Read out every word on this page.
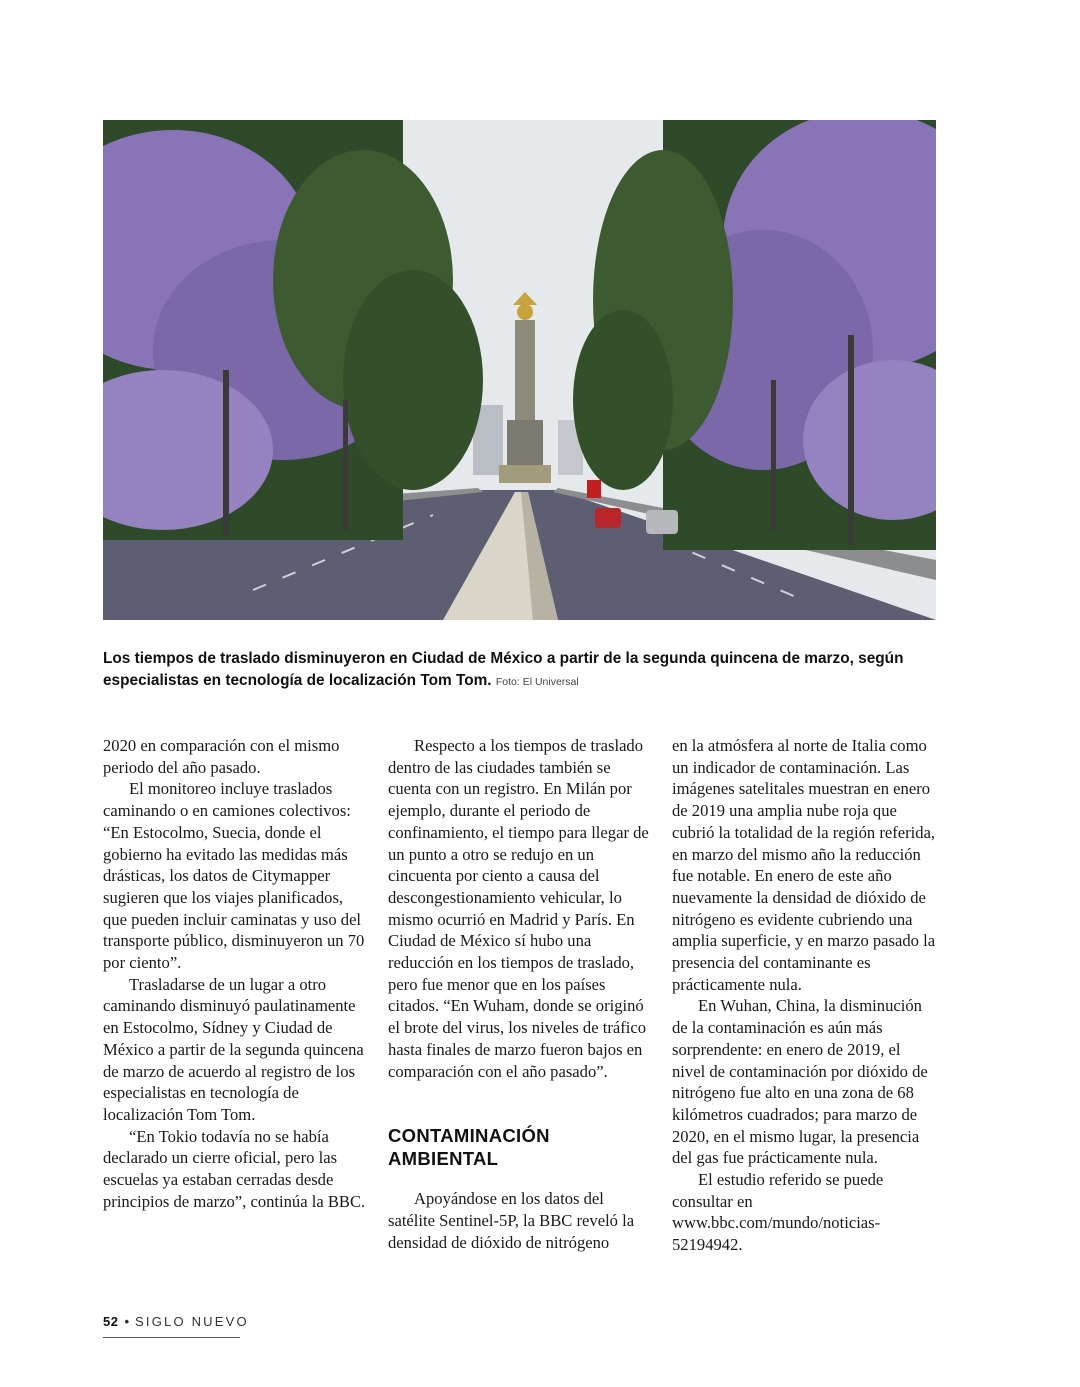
Los tiempos de traslado disminuyeron en Ciudad de México a partir de la segunda quincena de marzo, según especialistas en tecnología de localización Tom Tom. Foto: El Universal

2020 en comparación con el mismo periodo del año pasado.

El monitoreo incluye traslados caminando o en camiones colectivos: “En Estocolmo, Suecia, donde el gobierno ha evitado las medidas más drásticas, los datos de Citymapper sugieren que los viajes planificados, que pueden incluir caminatas y uso del transporte público, disminuyeron un 70 por ciento”.

Trasladarse de un lugar a otro caminando disminuyó paulatinamente en Estocolmo, Sídney y Ciudad de México a partir de la segunda quincena de marzo de acuerdo al registro de los especialistas en tecnología de localización Tom Tom.

“En Tokio todavía no se había declarado un cierre oficial, pero las escuelas ya estaban cerradas desde principios de marzo”, continúa la BBC.

Respecto a los tiempos de traslado dentro de las ciudades también se cuenta con un registro. En Milán por ejemplo, durante el periodo de confinamiento, el tiempo para llegar de un punto a otro se redujo en un cincuenta por ciento a causa del descongestionamiento vehicular, lo mismo ocurrió en Madrid y París. En Ciudad de México sí hubo una reducción en los tiempos de traslado, pero fue menor que en los países citados. “En Wuham, donde se originó el brote del virus, los niveles de tráfico hasta finales de marzo fueron bajos en comparación con el año pasado”.

CONTAMINACIÓN AMBIENTAL

Apoyándose en los datos del satélite Sentinel-5P, la BBC reveló la densidad de dióxido de nitrógeno

en la atmósfera al norte de Italia como un indicador de contaminación. Las imágenes satelitales muestran en enero de 2019 una amplia nube roja que cubrió la totalidad de la región referida, en marzo del mismo año la reducción fue notable. En enero de este año nuevamente la densidad de dióxido de nitrógeno es evidente cubriendo una amplia superficie, y en marzo pasado la presencia del contaminante es prácticamente nula.

En Wuhan, China, la disminución de la contaminación es aún más sorprendente: en enero de 2019, el nivel de contaminación por dióxido de nitrógeno fue alto en una zona de 68 kilómetros cuadrados; para marzo de 2020, en el mismo lugar, la presencia del gas fue prácticamente nula.

El estudio referido se puede consultar en www.bbc.com/mundo/noticias-52194942.

52 • SIGLO NUEVO
